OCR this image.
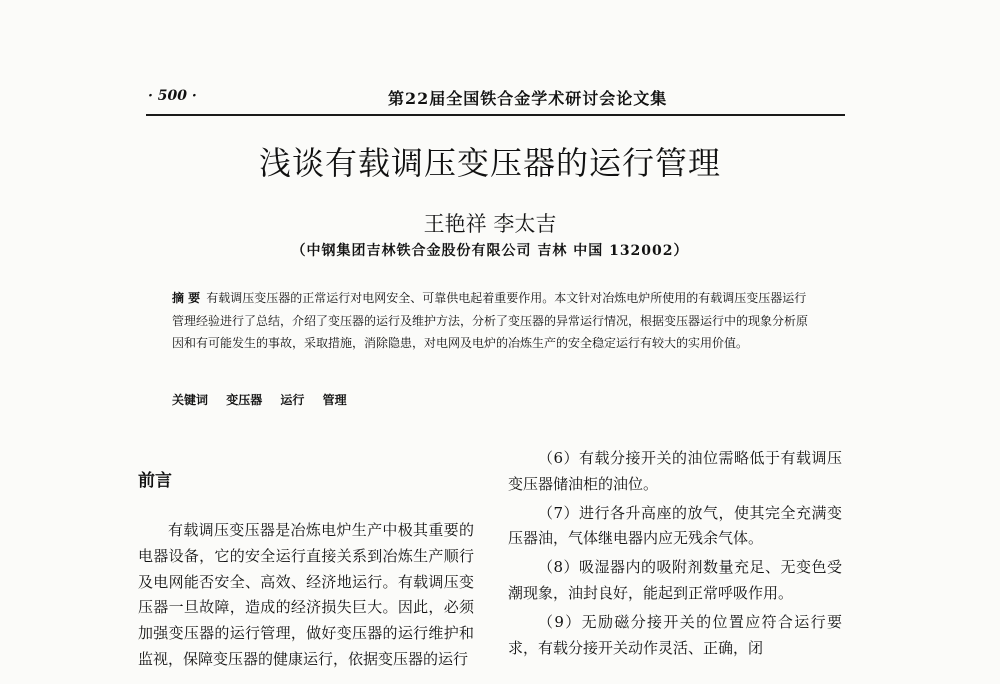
· 500 ·	第22届全国铁合金学术研讨会论文集
浅谈有载调压变压器的运行管理
王艳祥 李太吉
（中钢集团吉林铁合金股份有限公司 吉林 中国 132002）
摘 要 有载调压变压器的正常运行对电网安全、可靠供电起着重要作用。本文针对冶炼电炉所使用的有载调压变压器运行管理经验进行了总结，介绍了变压器的运行及维护方法，分析了变压器的异常运行情况，根据变压器运行中的现象分析原因和有可能发生的事故，采取措施，消除隐患，对电网及电炉的冶炼生产的安全稳定运行有较大的实用价值。
关键词 变压器 运行 管理
前言

有载调压变压器是冶炼电炉生产中极其重要的电器设备，它的安全运行直接关系到冶炼生产顺行及电网能否安全、高效、经济地运行。有载调压变压器一旦故障，造成的经济损失巨大。因此，必须加强变压器的运行管理，做好变压器的运行维护和监视，保障变压器的健康运行，依据变压器的运行

（6）有载分接开关的油位需略低于有载调压变压器储油柜的油位。

（7）进行各升高座的放气，使其完全充满变压器油，气体继电器内应无残余气体。

（8）吸湿器内的吸附剂数量充足、无变色受潮现象，油封良好，能起到正常呼吸作用。

（9）无励磁分接开关的位置应符合运行要求，有载分接开关动作灵活、正确，闭
